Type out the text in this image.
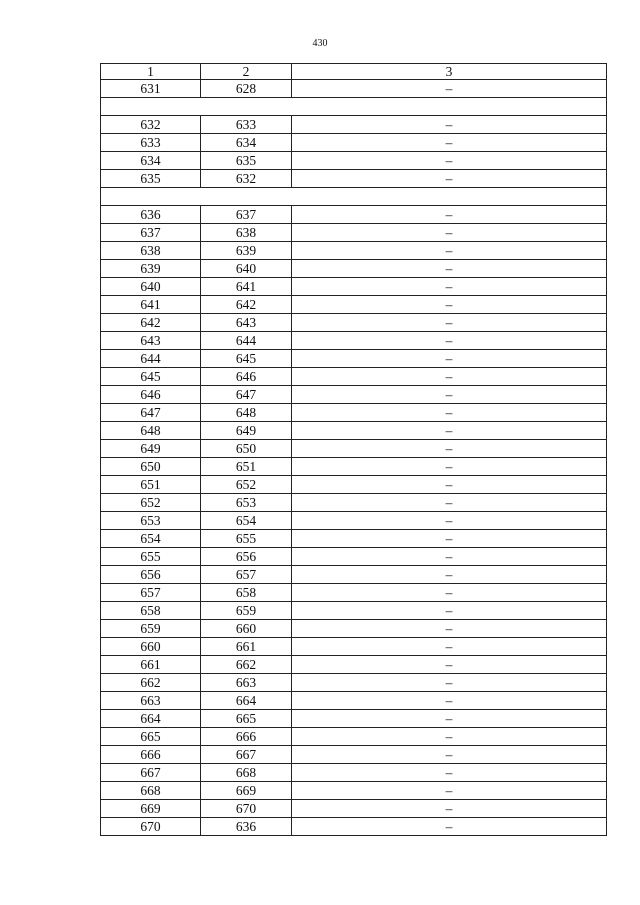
430
1	2	3
631	628	–

632	633	–
633	634	–
634	635	–
635	632	–

636	637	–
637	638	–
638	639	–
639	640	–
640	641	–
641	642	–
642	643	–
643	644	–
644	645	–
645	646	–
646	647	–
647	648	–
648	649	–
649	650	–
650	651	–
651	652	–
652	653	–
653	654	–
654	655	–
655	656	–
656	657	–
657	658	–
658	659	–
659	660	–
660	661	–
661	662	–
662	663	–
663	664	–
664	665	–
665	666	–
666	667	–
667	668	–
668	669	–
669	670	–
670	636	–
